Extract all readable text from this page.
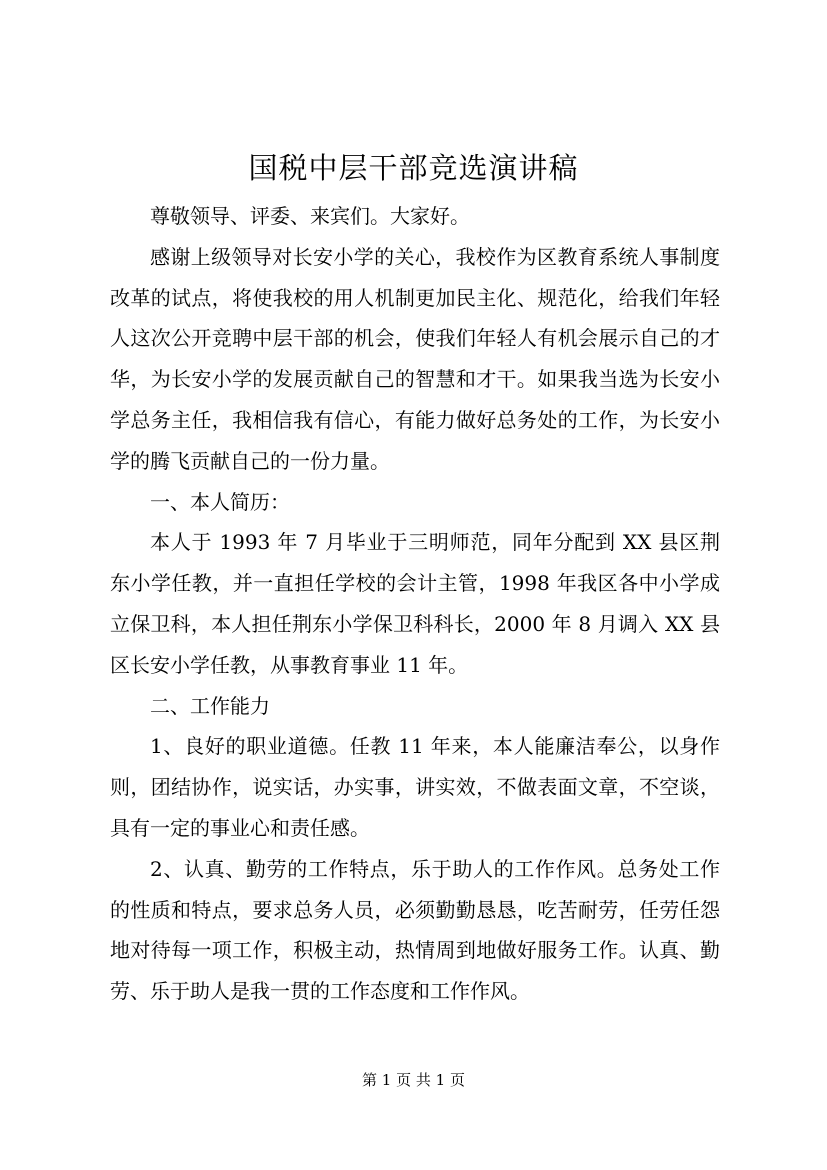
国税中层干部竞选演讲稿

尊敬领导、评委、来宾们。大家好。

感谢上级领导对长安小学的关心，我校作为区教育系统人事制度改革的试点，将使我校的用人机制更加民主化、规范化，给我们年轻人这次公开竞聘中层干部的机会，使我们年轻人有机会展示自己的才华，为长安小学的发展贡献自己的智慧和才干。如果我当选为长安小学总务主任，我相信我有信心，有能力做好总务处的工作，为长安小学的腾飞贡献自己的一份力量。

一、本人简历：

本人于 1993 年 7 月毕业于三明师范，同年分配到 XX 县区荆东小学任教，并一直担任学校的会计主管，1998 年我区各中小学成立保卫科，本人担任荆东小学保卫科科长，2000 年 8 月调入 XX 县区长安小学任教，从事教育事业 11 年。

二、工作能力

1、良好的职业道德。任教 11 年来，本人能廉洁奉公，以身作则，团结协作，说实话，办实事，讲实效，不做表面文章，不空谈，具有一定的事业心和责任感。

2、认真、勤劳的工作特点，乐于助人的工作作风。总务处工作的性质和特点，要求总务人员，必须勤勤恳恳，吃苦耐劳，任劳任怨地对待每一项工作，积极主动，热情周到地做好服务工作。认真、勤劳、乐于助人是我一贯的工作态度和工作作风。

第 1 页 共 1 页
